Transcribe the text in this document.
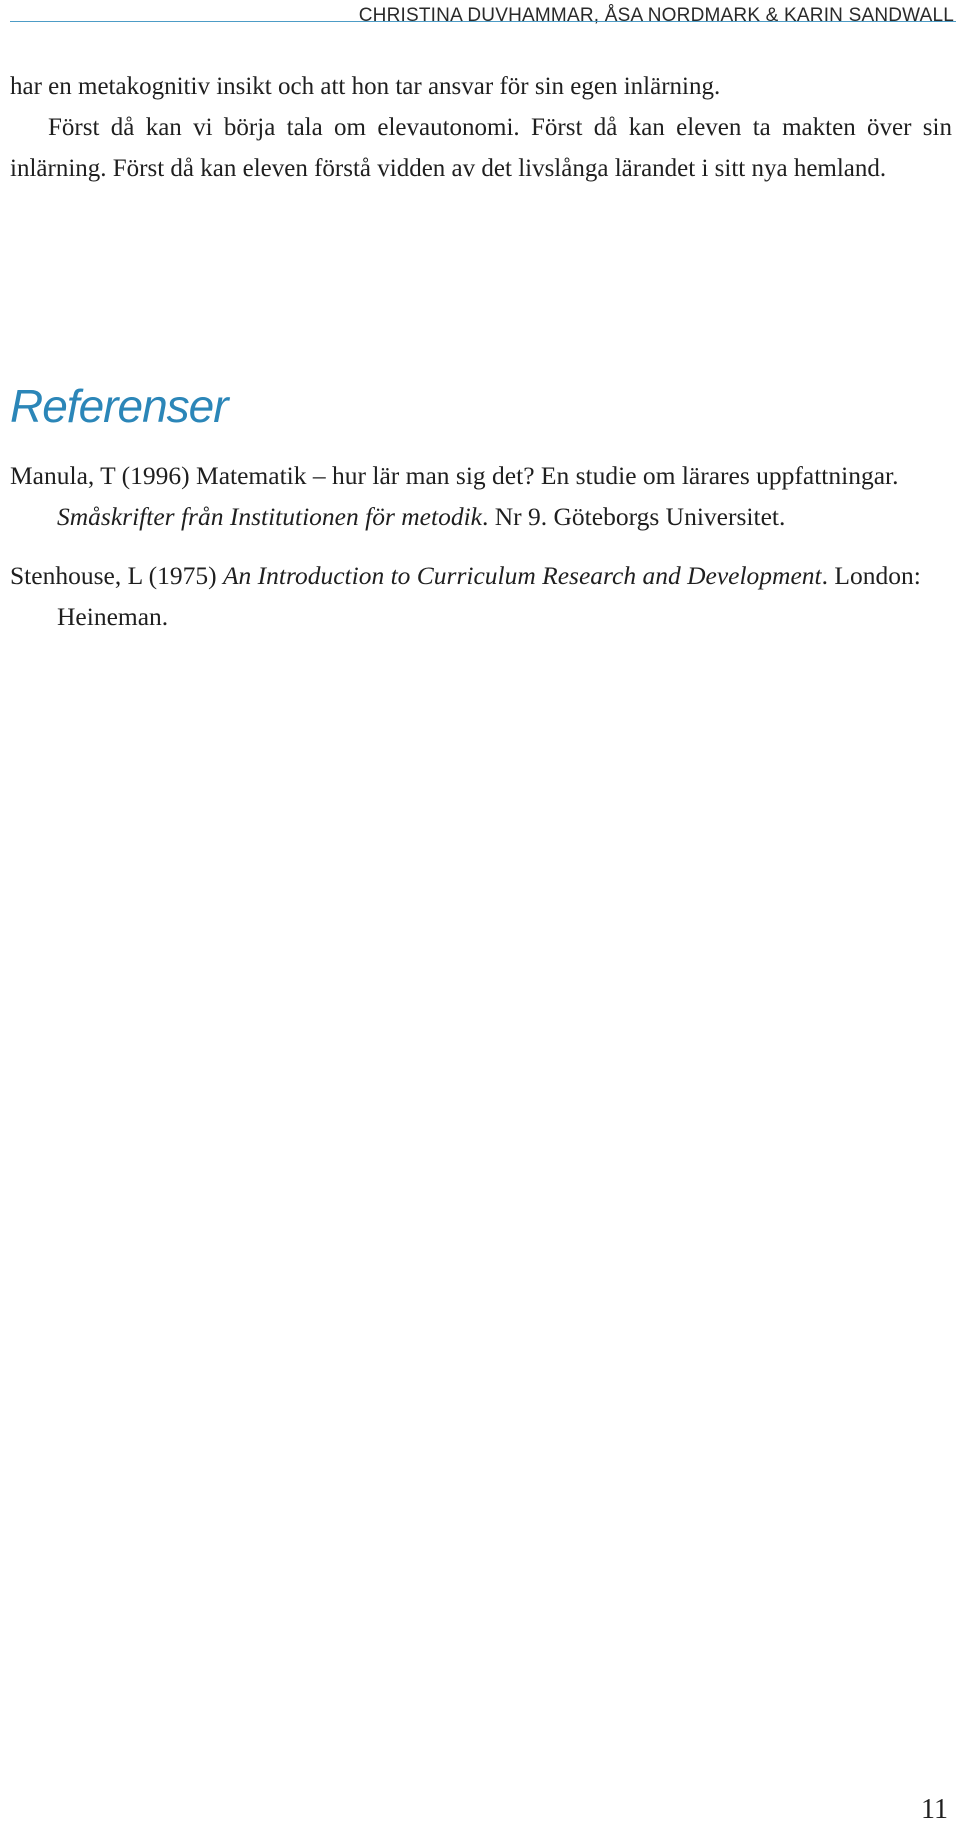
CHRISTINA DUVHAMMAR, ÅSA NORDMARK & KARIN SANDWALL

har en metakognitiv insikt och att hon tar ansvar för sin egen inlärning.

Först då kan vi börja tala om elevautonomi. Först då kan eleven ta makten över sin inlärning. Först då kan eleven förstå vidden av det livslånga lärandet i sitt nya hemland.

Referenser

Manula, T (1996) Matematik – hur lär man sig det? En studie om lärares uppfattningar. Småskrifter från Institutionen för metodik. Nr 9. Göteborgs Universitet.

Stenhouse, L (1975) An Introduction to Curriculum Research and Development. London: Heineman.

11
